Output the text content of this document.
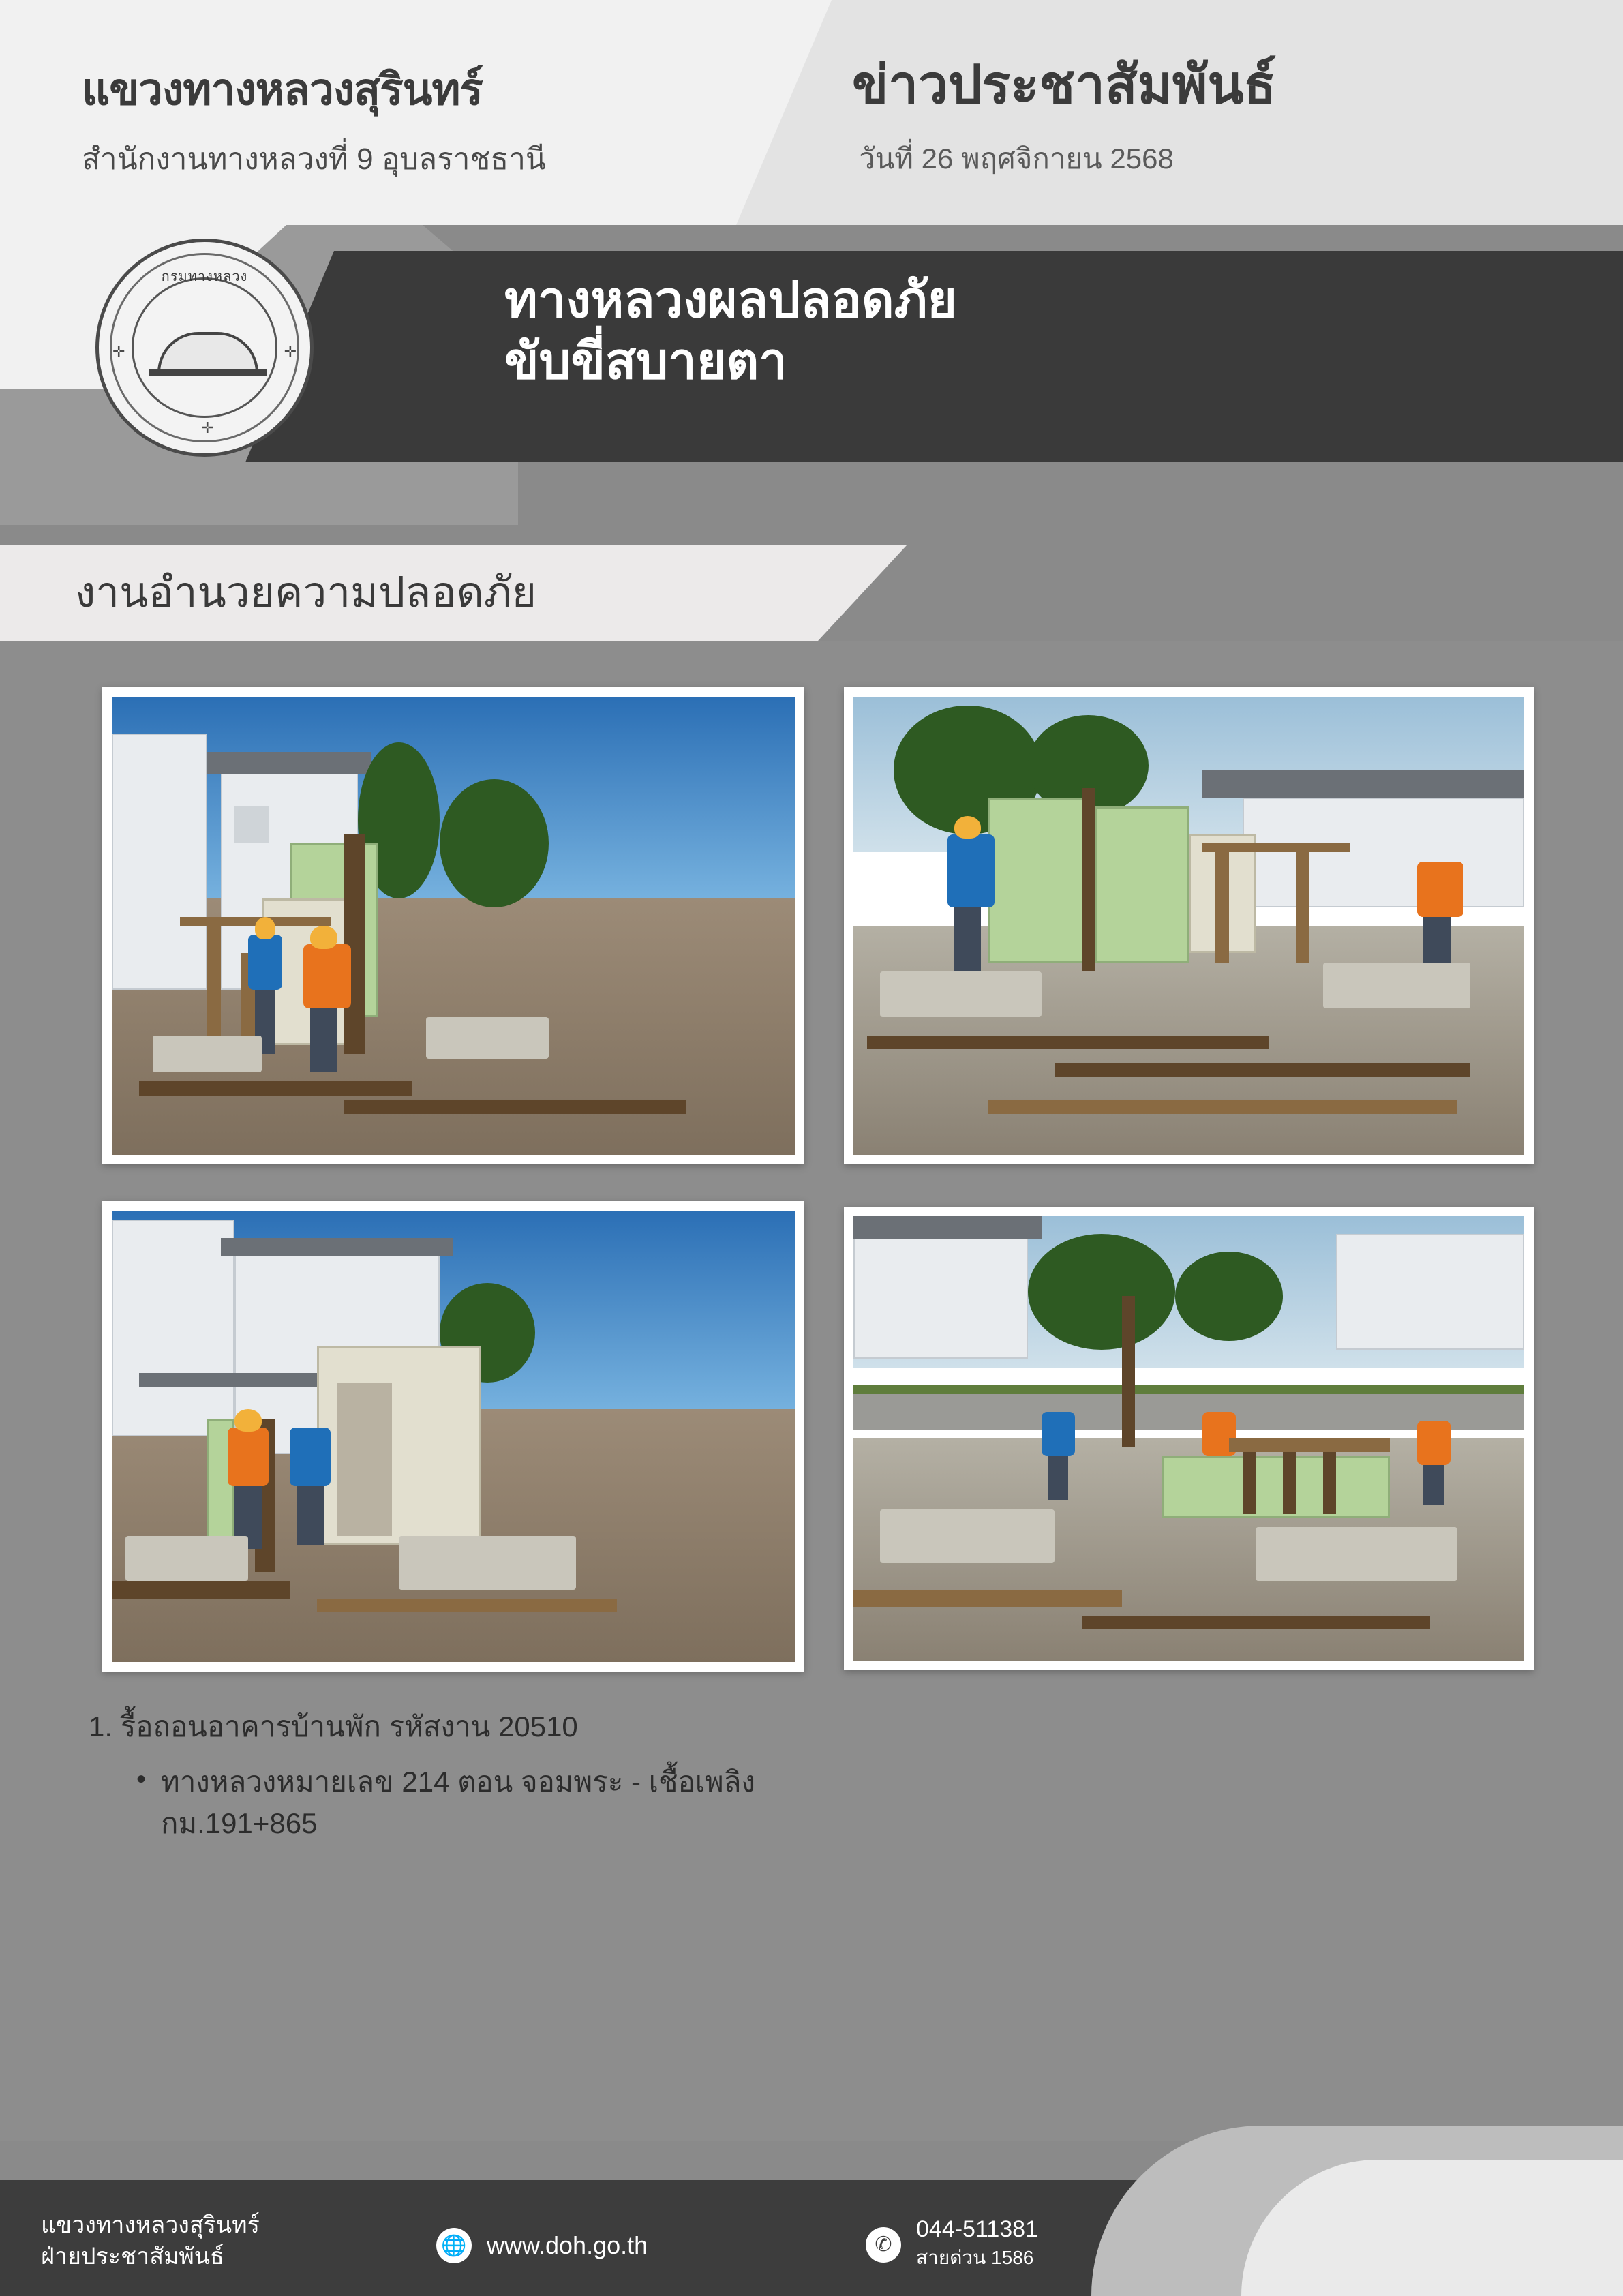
แขวงทางหลวงสุรินทร์
สำนักงานทางหลวงที่ 9 อุบลราชธานี
ข่าวประชาสัมพันธ์
วันที่ 26 พฤศจิกายน 2568
ทางหลวงผลปลอดภัย
ขับขี่สบายตา
กรมทางหลวง
✛	✛
✛
งานอำนวยความปลอดภัย
1. รื้อถอนอาคารบ้านพัก รหัสงาน 20510
• ทางหลวงหมายเลข 214 ตอน จอมพระ - เชื้อเพลิง
กม.191+865
แขวงทางหลวงสุรินทร์
ฝ่ายประชาสัมพันธ์	🌐 www.doh.go.th	✆
044-511381
สายด่วน 1586
